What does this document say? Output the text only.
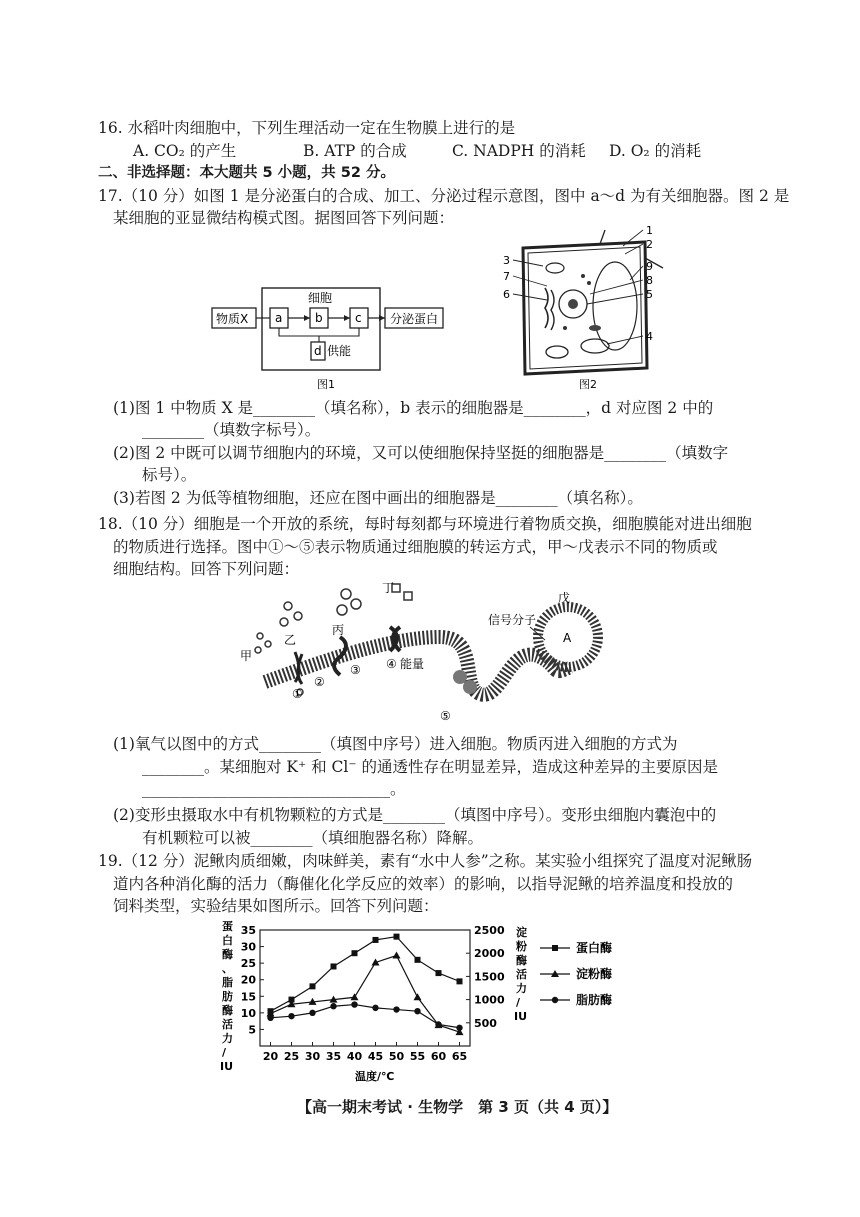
16. 水稻叶肉细胞中，下列生理活动一定在生物膜上进行的是
A. CO₂ 的产生	B. ATP 的合成	C. NADPH 的消耗 D. O₂ 的消耗
二、非选择题：本大题共 5 小题，共 52 分。
17.（10 分）如图 1 是分泌蛋白的合成、加工、分泌过程示意图，图中 a～d 为有关细胞器。图 2 是
某细胞的亚显微结构模式图。据图回答下列问题：
细胞
物质X a	b	c 分泌蛋白
d 供能
图1
3
7
6
1
2
9
8
5
4
图2
(1)图 1 中物质 X 是________（填名称），b 表示的细胞器是________，d 对应图 2 中的
________（填数字标号）。
(2)图 2 中既可以调节细胞内的环境，又可以使细胞保持坚挺的细胞器是________（填数字
标号）。
(3)若图 2 为低等植物细胞，还应在图中画出的细胞器是________（填名称）。
18.（10 分）细胞是一个开放的系统，每时每刻都与环境进行着物质交换，细胞膜能对进出细胞
的物质进行选择。图中①～⑤表示物质通过细胞膜的转运方式，甲～戊表示不同的物质或
细胞结构。回答下列问题：
A
戊
信号分子
甲
乙
丙
丁
①
②
③ ④ 能量
⑤
(1)氧气以图中的方式________（填图中序号）进入细胞。物质丙进入细胞的方式为
________。某细胞对 K⁺ 和 Cl⁻ 的通透性存在明显差异，造成这种差异的主要原因是
________________________________。
(2)变形虫摄取水中有机物颗粒的方式是________（填图中序号）。变形虫细胞内囊泡中的
有机颗粒可以被________（填细胞器名称）降解。
19.（12 分）泥鳅肉质细嫩，肉味鲜美，素有“水中人参”之称。某实验小组探究了温度对泥鳅肠
道内各种消化酶的活力（酶催化化学反应的效率）的影响，以指导泥鳅的培养温度和投放的
饲料类型，实验结果如图所示。回答下列问题：
蛋白酶、脂肪酶活力/ IU
淀粉酶活力/ IU
5
10
15
20
25
30
35
500
1000
1500
2000
2500
20 25 30 35 40 45 50 55 60 65
蛋白酶
淀粉酶
脂肪酶
温度/℃
【高一期末考试 · 生物学　第 3 页（共 4 页）】
